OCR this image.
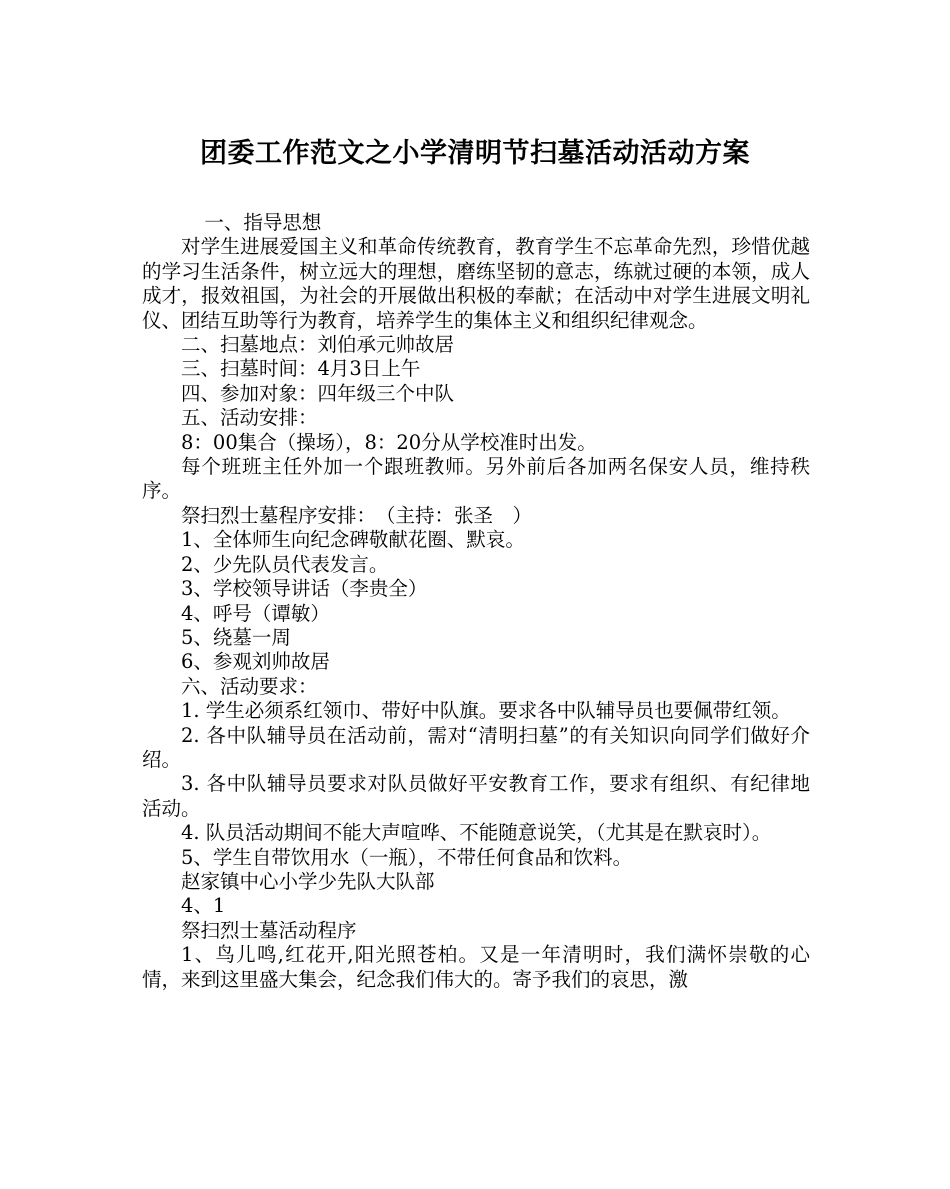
团委工作范文之小学清明节扫墓活动活动方案

一、指导思想

对学生进展爱国主义和革命传统教育，教育学生不忘革命先烈，珍惜优越的学习生活条件，树立远大的理想，磨练坚韧的意志，练就过硬的本领，成人成才，报效祖国，为社会的开展做出积极的奉献；在活动中对学生进展文明礼仪、团结互助等行为教育，培养学生的集体主义和组织纪律观念。

二、扫墓地点：刘伯承元帅故居

三、扫墓时间：4月3日上午

四、参加对象：四年级三个中队

五、活动安排：

8：00集合（操场），8：20分从学校准时出发。

每个班班主任外加一个跟班教师。另外前后各加两名保安人员，维持秩序。

祭扫烈士墓程序安排：　（主持：张圣　）

1、全体师生向纪念碑敬献花圈、默哀。

2、少先队员代表发言。

3、学校领导讲话（李贵全）

4、呼号（谭敏）

5、绕墓一周

6、参观刘帅故居

六、活动要求：

1. 学生必须系红领巾、带好中队旗。要求各中队辅导员也要佩带红领。

2. 各中队辅导员在活动前，需对“清明扫墓”的有关知识向同学们做好介绍。

3. 各中队辅导员要求对队员做好平安教育工作，要求有组织、有纪律地活动。

4. 队员活动期间不能大声喧哗、不能随意说笑，（尤其是在默哀时）。

5、学生自带饮用水（一瓶），不带任何食品和饮料。

赵家镇中心小学少先队大队部

4、1

祭扫烈士墓活动程序

1、鸟儿鸣,红花开,阳光照苍柏。又是一年清明时，我们满怀崇敬的心情，来到这里盛大集会，纪念我们伟大的。寄予我们的哀思，激
